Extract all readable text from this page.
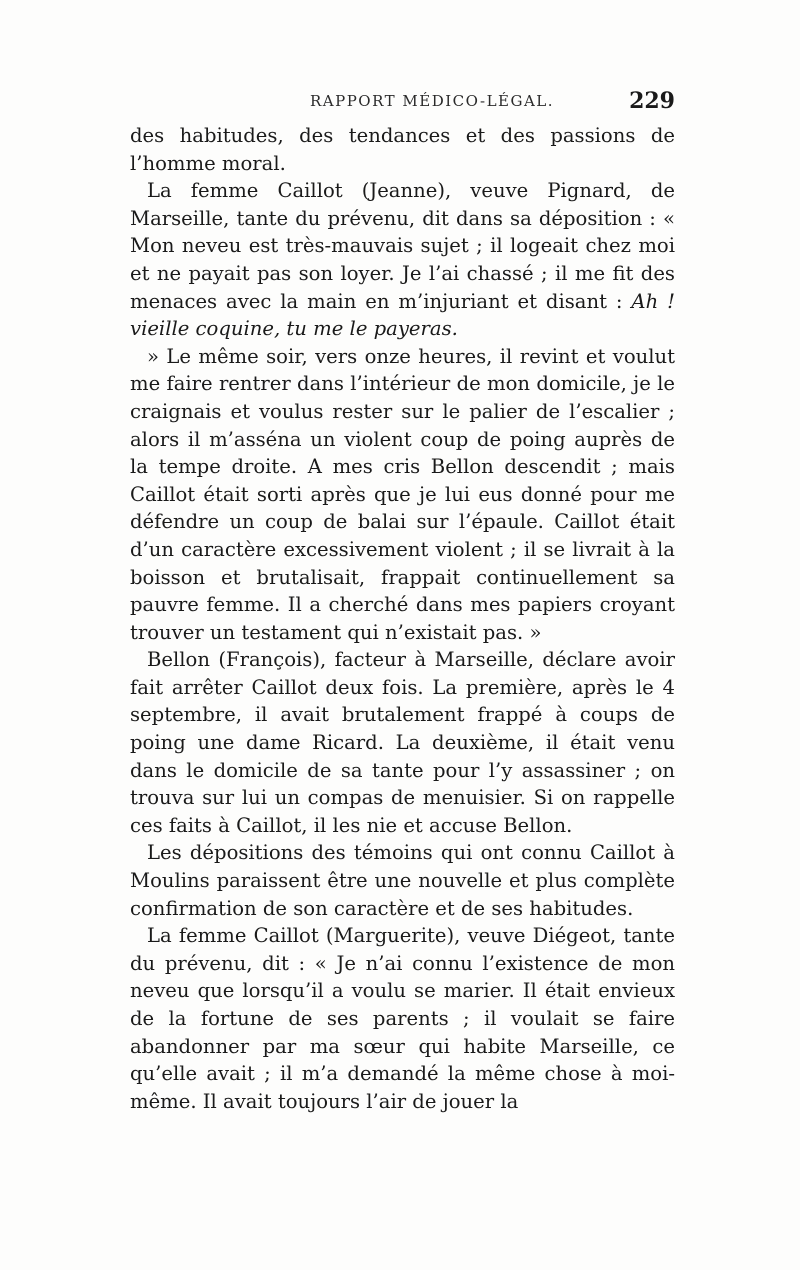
RAPPORT MÉDICO-LÉGAL.	229

des habitudes, des tendances et des passions de l’homme moral.

La femme Caillot (Jeanne), veuve Pignard, de Marseille, tante du prévenu, dit dans sa déposition : « Mon neveu est très-mauvais sujet ; il logeait chez moi et ne payait pas son loyer. Je l’ai chassé ; il me fit des menaces avec la main en m’injuriant et disant : Ah ! vieille coquine, tu me le payeras.

» Le même soir, vers onze heures, il revint et voulut me faire rentrer dans l’intérieur de mon domicile, je le craignais et voulus rester sur le palier de l’escalier ; alors il m’asséna un violent coup de poing auprès de la tempe droite. A mes cris Bellon descendit ; mais Caillot était sorti après que je lui eus donné pour me défendre un coup de balai sur l’épaule. Caillot était d’un caractère excessivement violent ; il se livrait à la boisson et brutalisait, frappait continuellement sa pauvre femme. Il a cherché dans mes papiers croyant trouver un testament qui n’existait pas. »

Bellon (François), facteur à Marseille, déclare avoir fait arrêter Caillot deux fois. La première, après le 4 septembre, il avait brutalement frappé à coups de poing une dame Ricard. La deuxième, il était venu dans le domicile de sa tante pour l’y assassiner ; on trouva sur lui un compas de menuisier. Si on rappelle ces faits à Caillot, il les nie et accuse Bellon.

Les dépositions des témoins qui ont connu Caillot à Moulins paraissent être une nouvelle et plus complète confirmation de son caractère et de ses habitudes.

La femme Caillot (Marguerite), veuve Diégeot, tante du prévenu, dit : « Je n’ai connu l’existence de mon neveu que lorsqu’il a voulu se marier. Il était envieux de la fortune de ses parents ; il voulait se faire abandonner par ma sœur qui habite Marseille, ce qu’elle avait ; il m’a demandé la même chose à moi-même. Il avait toujours l’air de jouer la
